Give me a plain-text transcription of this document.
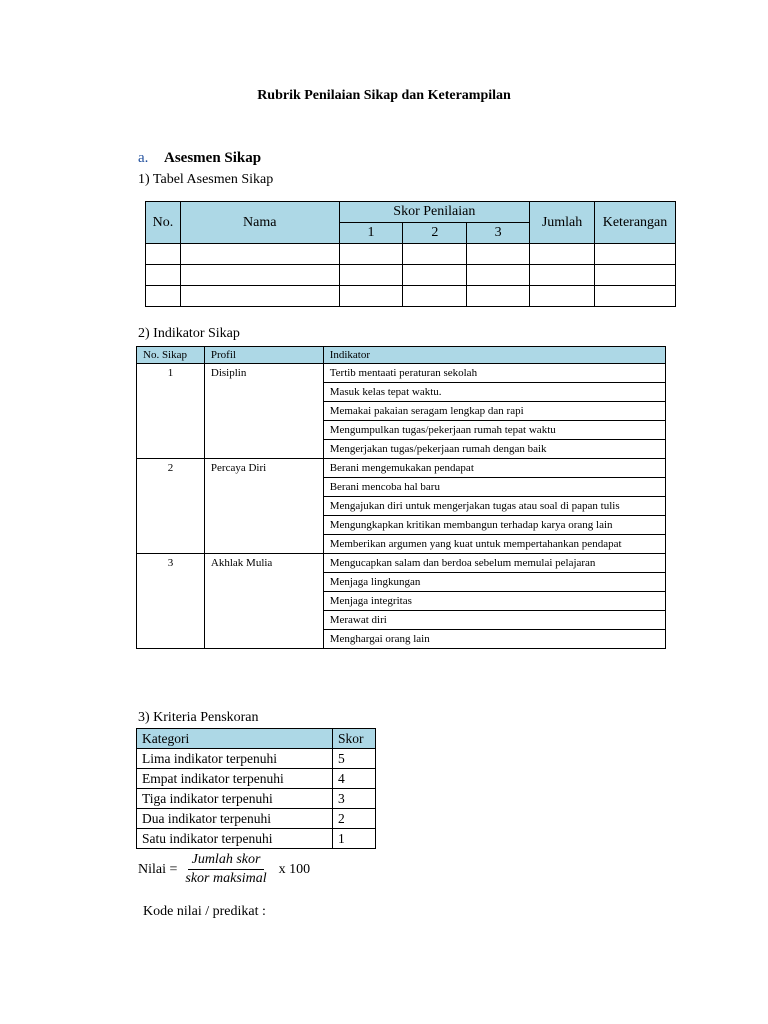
Rubrik Penilaian Sikap dan Keterampilan
a. Asesmen Sikap
1) Tabel Asesmen Sikap
No.	Nama	Skor Penilaian			Jumlah	Keterangan
		1	2	3		

2) Indikator Sikap
No. Sikap	Profil	Indikator
1	Disiplin	Tertib mentaati peraturan sekolah
		Masuk kelas tepat waktu.
		Memakai pakaian seragam lengkap dan rapi
		Mengumpulkan tugas/pekerjaan rumah tepat waktu
		Mengerjakan tugas/pekerjaan rumah dengan baik
2	Percaya Diri	Berani mengemukakan pendapat
		Berani mencoba hal baru
		Mengajukan diri untuk mengerjakan tugas atau soal di papan tulis
		Mengungkapkan kritikan membangun terhadap karya orang lain
		Memberikan argumen yang kuat untuk mempertahankan pendapat
3	Akhlak Mulia	Mengucapkan salam dan berdoa sebelum memulai pelajaran
		Menjaga lingkungan
		Menjaga integritas
		Merawat diri
		Menghargai orang lain
3) Kriteria Penskoran
Kategori	Skor
Lima indikator terpenuhi	5
Empat indikator terpenuhi	4
Tiga indikator terpenuhi	3
Dua indikator terpenuhi	2
Satu indikator terpenuhi	1
Nilai = $\frac{\text{Jumlah skor}}{\text{skor maksimal}}$ x 100
Kode nilai / predikat :
